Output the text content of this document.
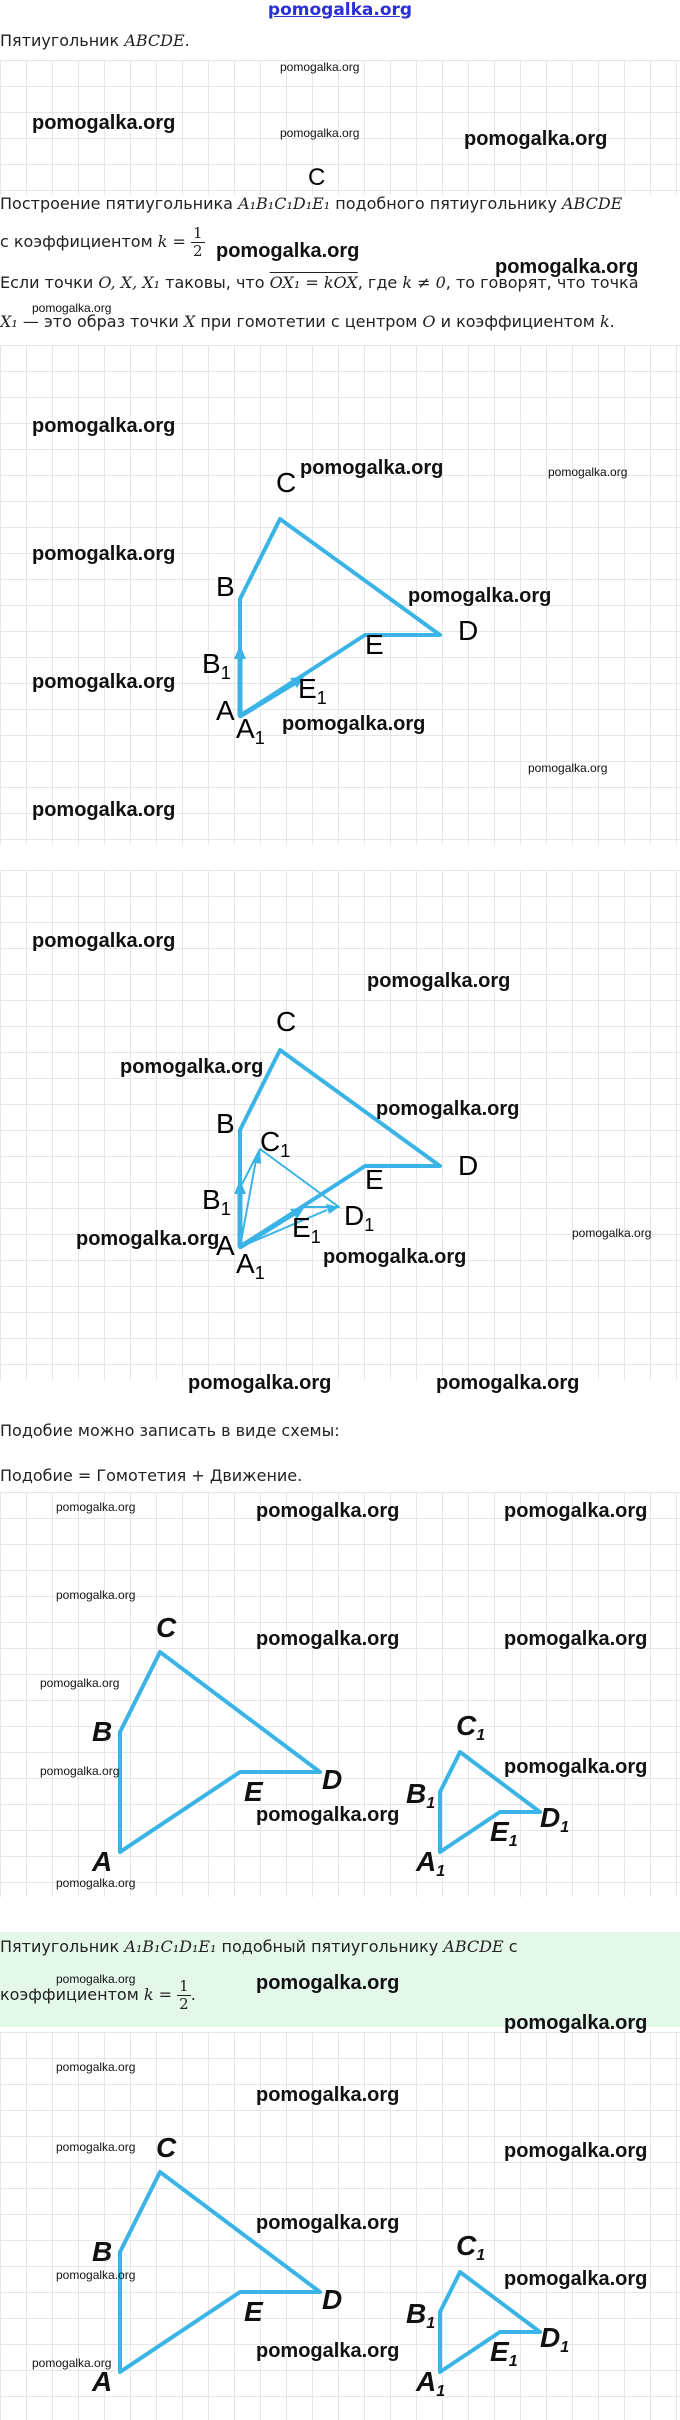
pomogalka.org
Пятиугольник ABCDE.
pomogalka.org
pomogalka.org	pomogalka.org	pomogalka.org
C
Построение пятиугольника A₁B₁C₁D₁E₁ подобного пятиугольнику ABCDE
с коэффициентом $k = \frac{1}{2}$ pomogalka.org
pomogalka.org
Если точки O, X, X₁ таковы, что OX₁ = kOX, где k ≠ 0, то говорят, что точка
pomogalka.org
X₁ — это образ точки X при гомотетии с центром O и коэффициентом k.
pomogalka.org
pomogalka.org	pomogalka.org
pomogalka.org
pomogalka.org
pomogalka.org
pomogalka.org
pomogalka.org
pomogalka.org
C
B
D
E
$B_1$ $E_1$
A
$A_1$
pomogalka.org
pomogalka.org
pomogalka.org
pomogalka.org
pomogalka.org	pomogalka.org
pomogalka.org
pomogalka.org	pomogalka.org
C
B
$C_1$	D
E
$B_1$	$D_1$
$E_1$
A
$A_1$
Подобие можно записать в виде схемы:
Подобие = Гомотетия + Движение.
pomogalka.org	pomogalka.org	pomogalka.org
pomogalka.org
pomogalka.org	pomogalka.org
pomogalka.org
pomogalka.org
pomogalka.org
pomogalka.org
pomogalka.org
C
B
D
E
A
$C_1$
$B_1$	$D_1$
$E_1$
$A_1$
Пятиугольник A₁B₁C₁D₁E₁ подобный пятиугольнику ABCDE с
коэффициентом $k = \frac{1}{2}$ .
pomogalka.org	pomogalka.org
pomogalka.org
pomogalka.org
pomogalka.org
pomogalka.org	pomogalka.org
pomogalka.org
pomogalka.org	pomogalka.org
pomogalka.org
pomogalka.org
C
B
D
E
A
$C_1$
$B_1$	$D_1$
$E_1$
$A_1$
